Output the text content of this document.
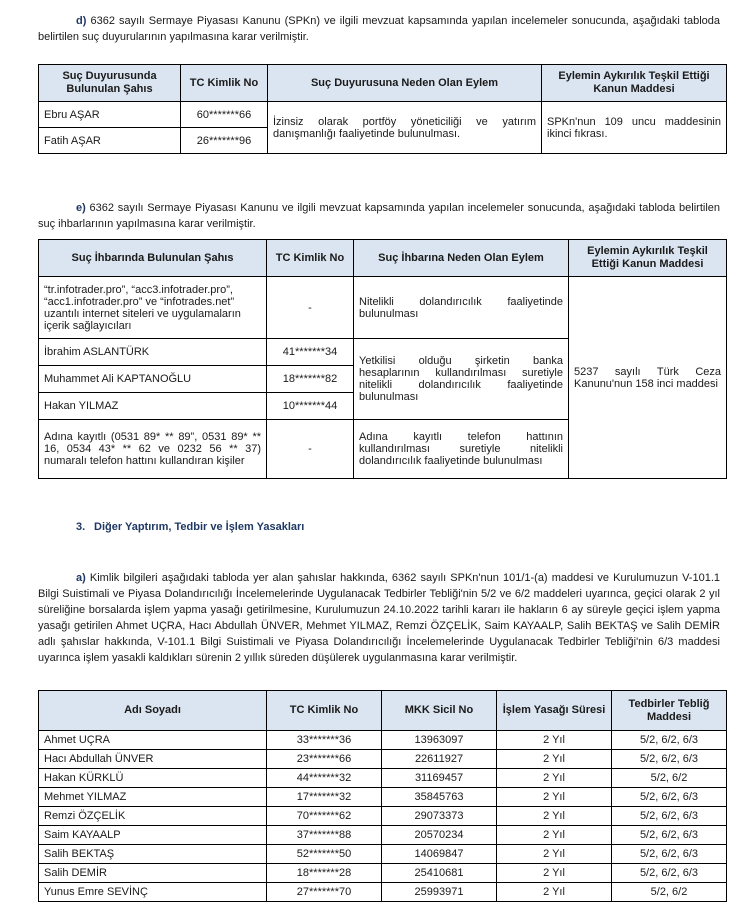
d) 6362 sayılı Sermaye Piyasası Kanunu (SPKn) ve ilgili mevzuat kapsamında yapılan incelemeler sonucunda, aşağıdaki tabloda belirtilen suç duyurularının yapılmasına karar verilmiştir.
Suç Duyurusunda Bulunulan Şahıs	TC Kimlik No	Suç Duyurusuna Neden Olan Eylem	Eylemin Aykırılık Teşkil Ettiği Kanun Maddesi
Ebru AŞAR	60*******66	İzinsiz olarak portföy yöneticiliği ve yatırım danışmanlığı faaliyetinde bulunulması.	SPKn'nun 109 uncu maddesinin ikinci fıkrası.
Fatih AŞAR	26*******96		
e) 6362 sayılı Sermaye Piyasası Kanunu ve ilgili mevzuat kapsamında yapılan incelemeler sonucunda, aşağıdaki tabloda belirtilen suç ihbarlarının yapılmasına karar verilmiştir.
Suç İhbarında Bulunulan Şahıs	TC Kimlik No	Suç İhbarına Neden Olan Eylem	Eylemin Aykırılık Teşkil Ettiği Kanun Maddesi
“tr.infotrader.pro”, “acc3.infotrader.pro”, “acc1.infotrader.pro” ve “infotrades.net” uzantılı internet siteleri ve uygulamaların içerik sağlayıcıları	-	Nitelikli dolandırıcılık faaliyetinde bulunulması	5237 sayılı Türk Ceza Kanunu'nun 158 inci maddesi
İbrahim ASLANTÜRK	41*******34	Yetkilisi olduğu şirketin banka hesaplarının kullandırılması suretiyle nitelikli dolandırıcılık faaliyetinde bulunulması	
Muhammet Ali KAPTANOĞLU	18*******82		
Hakan YILMAZ	10*******44		
Adına kayıtlı (0531 89* ** 89”, 0531 89* ** 16, 0534 43* ** 62 ve 0232 56 ** 37) numaralı telefon hattını kullandıran kişiler	-	Adına kayıtlı telefon hattının kullandırılması suretiyle nitelikli dolandırıcılık faaliyetinde bulunulması	
3. Diğer Yaptırım, Tedbir ve İşlem Yasakları
a) Kimlik bilgileri aşağıdaki tabloda yer alan şahıslar hakkında, 6362 sayılı SPKn'nun 101/1-(a) maddesi ve Kurulumuzun V-101.1 Bilgi Suistimali ve Piyasa Dolandırıcılığı İncelemelerinde Uygulanacak Tedbirler Tebliği'nin 5/2 ve 6/2 maddeleri uyarınca, geçici olarak 2 yıl süreliğine borsalarda işlem yapma yasağı getirilmesine, Kurulumuzun 24.10.2022 tarihli kararı ile hakların 6 ay süreyle geçici işlem yapma yasağı getirilen Ahmet UÇRA, Hacı Abdullah ÜNVER, Mehmet YILMAZ, Remzi ÖZÇELİK, Saim KAYAALP, Salih BEKTAŞ ve Salih DEMİR adlı şahıslar hakkında, V-101.1 Bilgi Suistimali ve Piyasa Dolandırıcılığı İncelemelerinde Uygulanacak Tedbirler Tebliği'nin 6/3 maddesi uyarınca işlem yasakli kaldıkları sürenin 2 yıllık süreden düşülerek uygulanmasına karar verilmiştir.
Adı Soyadı	TC Kimlik No	MKK Sicil No	İşlem Yasağı Süresi	Tedbirler Tebliğ Maddesi
Ahmet UÇRA	33*******36	13963097	2 Yıl	5/2, 6/2, 6/3
Hacı Abdullah ÜNVER	23*******66	22611927	2 Yıl	5/2, 6/2, 6/3
Hakan KÜRKLÜ	44*******32	31169457	2 Yıl	5/2, 6/2
Mehmet YILMAZ	17*******32	35845763	2 Yıl	5/2, 6/2, 6/3
Remzi ÖZÇELİK	70*******62	29073373	2 Yıl	5/2, 6/2, 6/3
Saim KAYAALP	37*******88	20570234	2 Yıl	5/2, 6/2, 6/3
Salih BEKTAŞ	52*******50	14069847	2 Yıl	5/2, 6/2, 6/3
Salih DEMİR	18*******28	25410681	2 Yıl	5/2, 6/2, 6/3
Yunus Emre SEVİNÇ	27*******70	25993971	2 Yıl	5/2, 6/2
